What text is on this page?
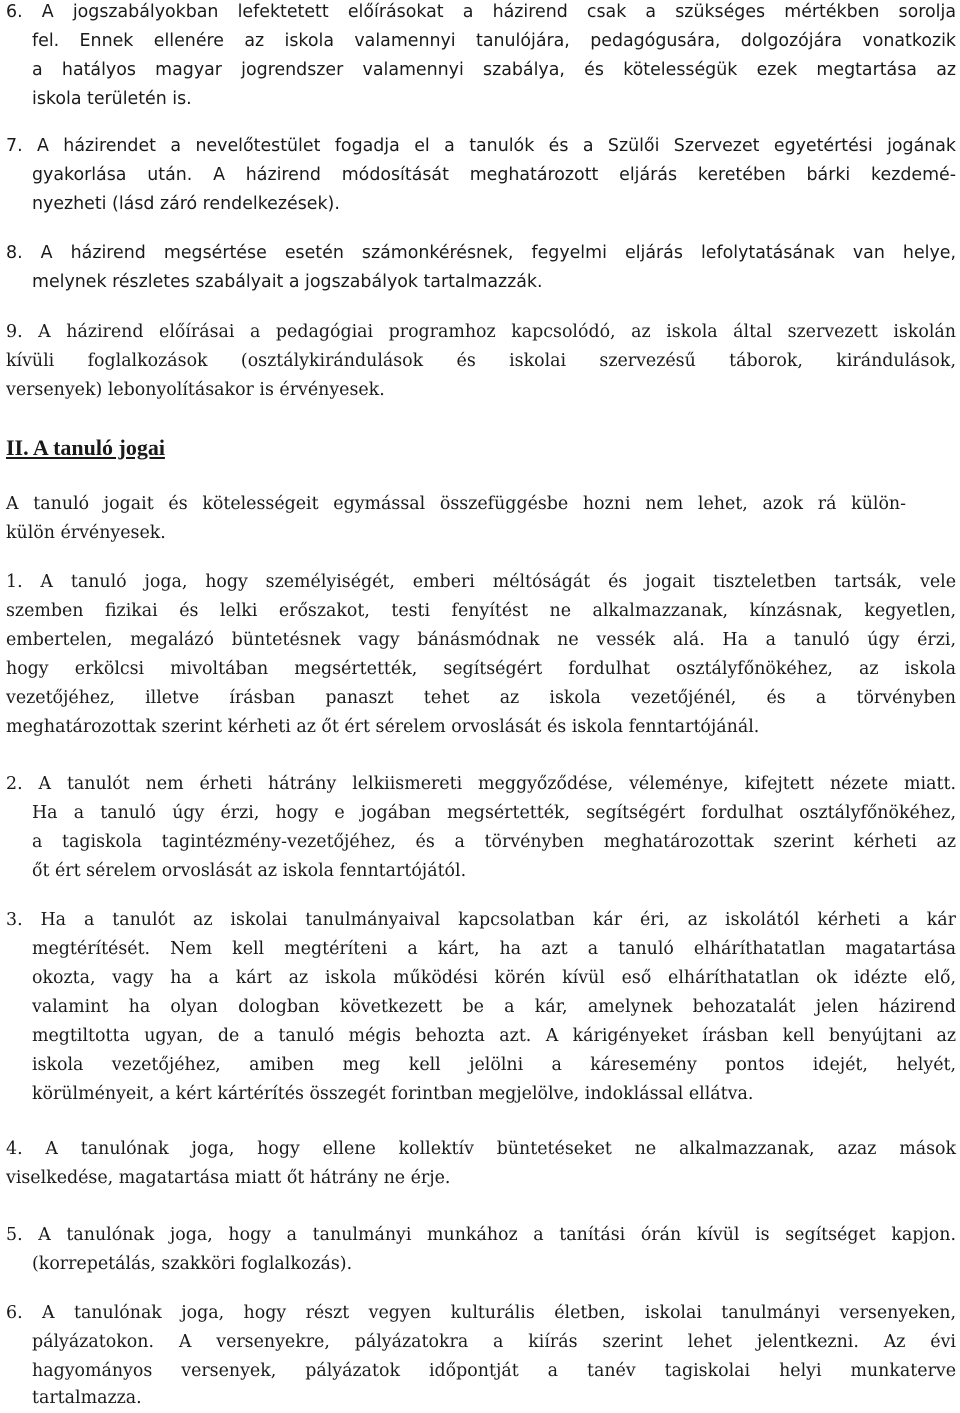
6. A jogszabályokban lefektetett előírásokat a házirend csak a szükséges mértékben sorolja

fel. Ennek ellenére az iskola valamennyi tanulójára, pedagógusára, dolgozójára vonatkozik

a hatályos magyar jogrendszer valamennyi szabálya, és kötelességük ezek megtartása az

iskola területén is.

7. A házirendet a nevelőtestület fogadja el a tanulók és a Szülői Szervezet egyetértési jogának

gyakorlása után. A házirend módosítását meghatározott eljárás keretében bárki kezdemé-

nyezheti (lásd záró rendelkezések).

8. A házirend megsértése esetén számonkérésnek, fegyelmi eljárás lefolytatásának van helye,

melynek részletes szabályait a jogszabályok tartalmazzák.

9. A házirend előírásai a pedagógiai programhoz kapcsolódó, az iskola által szervezett iskolán

kívüli foglalkozások (osztálykirándulások és iskolai szervezésű táborok, kirándulások,

versenyek) lebonyolításakor is érvényesek.

II. A tanuló jogai

A tanuló jogait és kötelességeit egymással összefüggésbe hozni nem lehet, azok rá külön-

külön érvényesek.

1. A tanuló joga, hogy személyiségét, emberi méltóságát és jogait tiszteletben tartsák, vele

szemben fizikai és lelki erőszakot, testi fenyítést ne alkalmazzanak, kínzásnak, kegyetlen,

embertelen, megalázó büntetésnek vagy bánásmódnak ne vessék alá. Ha a tanuló úgy érzi,

hogy erkölcsi mivoltában megsértették, segítségért fordulhat osztályfőnökéhez, az iskola

vezetőjéhez, illetve írásban panaszt tehet az iskola vezetőjénél, és a törvényben

meghatározottak szerint kérheti az őt ért sérelem orvoslását és iskola fenntartójánál.

2. A tanulót nem érheti hátrány lelkiismereti meggyőződése, véleménye, kifejtett nézete miatt.

Ha a tanuló úgy érzi, hogy e jogában megsértették, segítségért fordulhat osztályfőnökéhez,

a tagiskola tagintézmény-vezetőjéhez, és a törvényben meghatározottak szerint kérheti az

őt ért sérelem orvoslását az iskola fenntartójától.

3. Ha a tanulót az iskolai tanulmányaival kapcsolatban kár éri, az iskolától kérheti a kár

megtérítését. Nem kell megtéríteni a kárt, ha azt a tanuló elháríthatatlan magatartása

okozta, vagy ha a kárt az iskola működési körén kívül eső elháríthatatlan ok idézte elő,

valamint ha olyan dologban következett be a kár, amelynek behozatalát jelen házirend

megtiltotta ugyan, de a tanuló mégis behozta azt. A kárigényeket írásban kell benyújtani az

iskola vezetőjéhez, amiben meg kell jelölni a káresemény pontos idejét, helyét,

körülményeit, a kért kártérítés összegét forintban megjelölve, indoklással ellátva.

4. A tanulónak joga, hogy ellene kollektív büntetéseket ne alkalmazzanak, azaz mások

viselkedése, magatartása miatt őt hátrány ne érje.

5. A tanulónak joga, hogy a tanulmányi munkához a tanítási órán kívül is segítséget kapjon.

(korrepetálás, szakköri foglalkozás).

6. A tanulónak joga, hogy részt vegyen kulturális életben, iskolai tanulmányi versenyeken,

pályázatokon. A versenyekre, pályázatokra a kiírás szerint lehet jelentkezni. Az évi

hagyományos versenyek, pályázatok időpontját a tanév tagiskolai helyi munkaterve

tartalmazza.
